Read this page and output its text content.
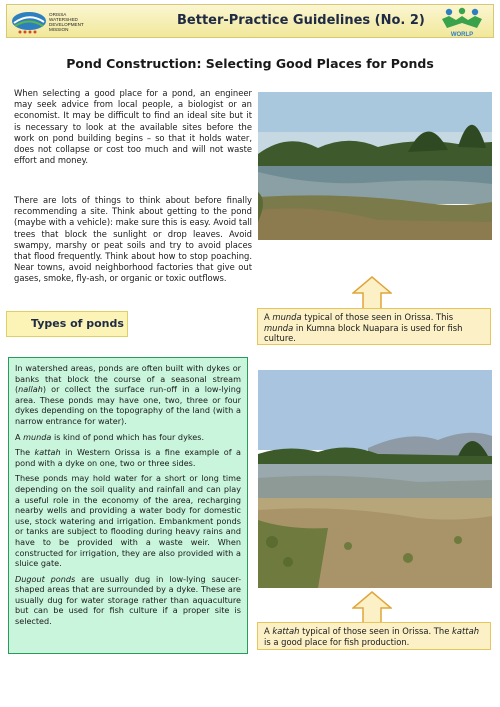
ORISSA
WATERSHED
DEVELOPMENT
MISSION
Better-Practice Guidelines (No. 2)
WORLP
Pond Construction: Selecting Good Places for Ponds

When selecting a good place for a pond, an engineer may seek advice from local people, a biologist or an economist. It may be difficult to find an ideal site but it is necessary to look at the available sites before the work on pond building begins – so that it holds water, does not collapse or cost too much and will not waste effort and money.

There are lots of things to think about before finally recommending a site. Think about getting to the pond (maybe with a vehicle): make sure this is easy. Avoid tall trees that block the sunlight or drop leaves. Avoid swampy, marshy or peat soils and try to avoid places that flood frequently. Think about how to stop poaching. Near towns, avoid neighborhood factories that give out gases, smoke, fly-ash, or organic or toxic outflows.

A munda typical of those seen in Orissa. This munda in Kumna block Nuapara is used for fish culture.
Types of ponds

In watershed areas, ponds are often built with dykes or banks that block the course of a seasonal stream (nallah) or collect the surface run-off in a low-lying area. These ponds may have one, two, three or four dykes depending on the topography of the land (with a narrow entrance for water).

A munda is kind of pond which has four dykes.

The kattah in Western Orissa is a fine example of a pond with a dyke on one, two or three sides.

These ponds may hold water for a short or long time depending on the soil quality and rainfall and can play a useful role in the economy of the area, recharging nearby wells and providing a water body for domestic use, stock watering and irrigation. Embankment ponds or tanks are subject to flooding during heavy rains and have to be provided with a waste weir. When constructed for irrigation, they are also provided with a sluice gate.

Dugout ponds are usually dug in low-lying saucer-shaped areas that are surrounded by a dyke. These are usually dug for water storage rather than aquaculture but can be used for fish culture if a proper site is selected.

A kattah typical of those seen in Orissa. The kattah is a good place for fish production.
